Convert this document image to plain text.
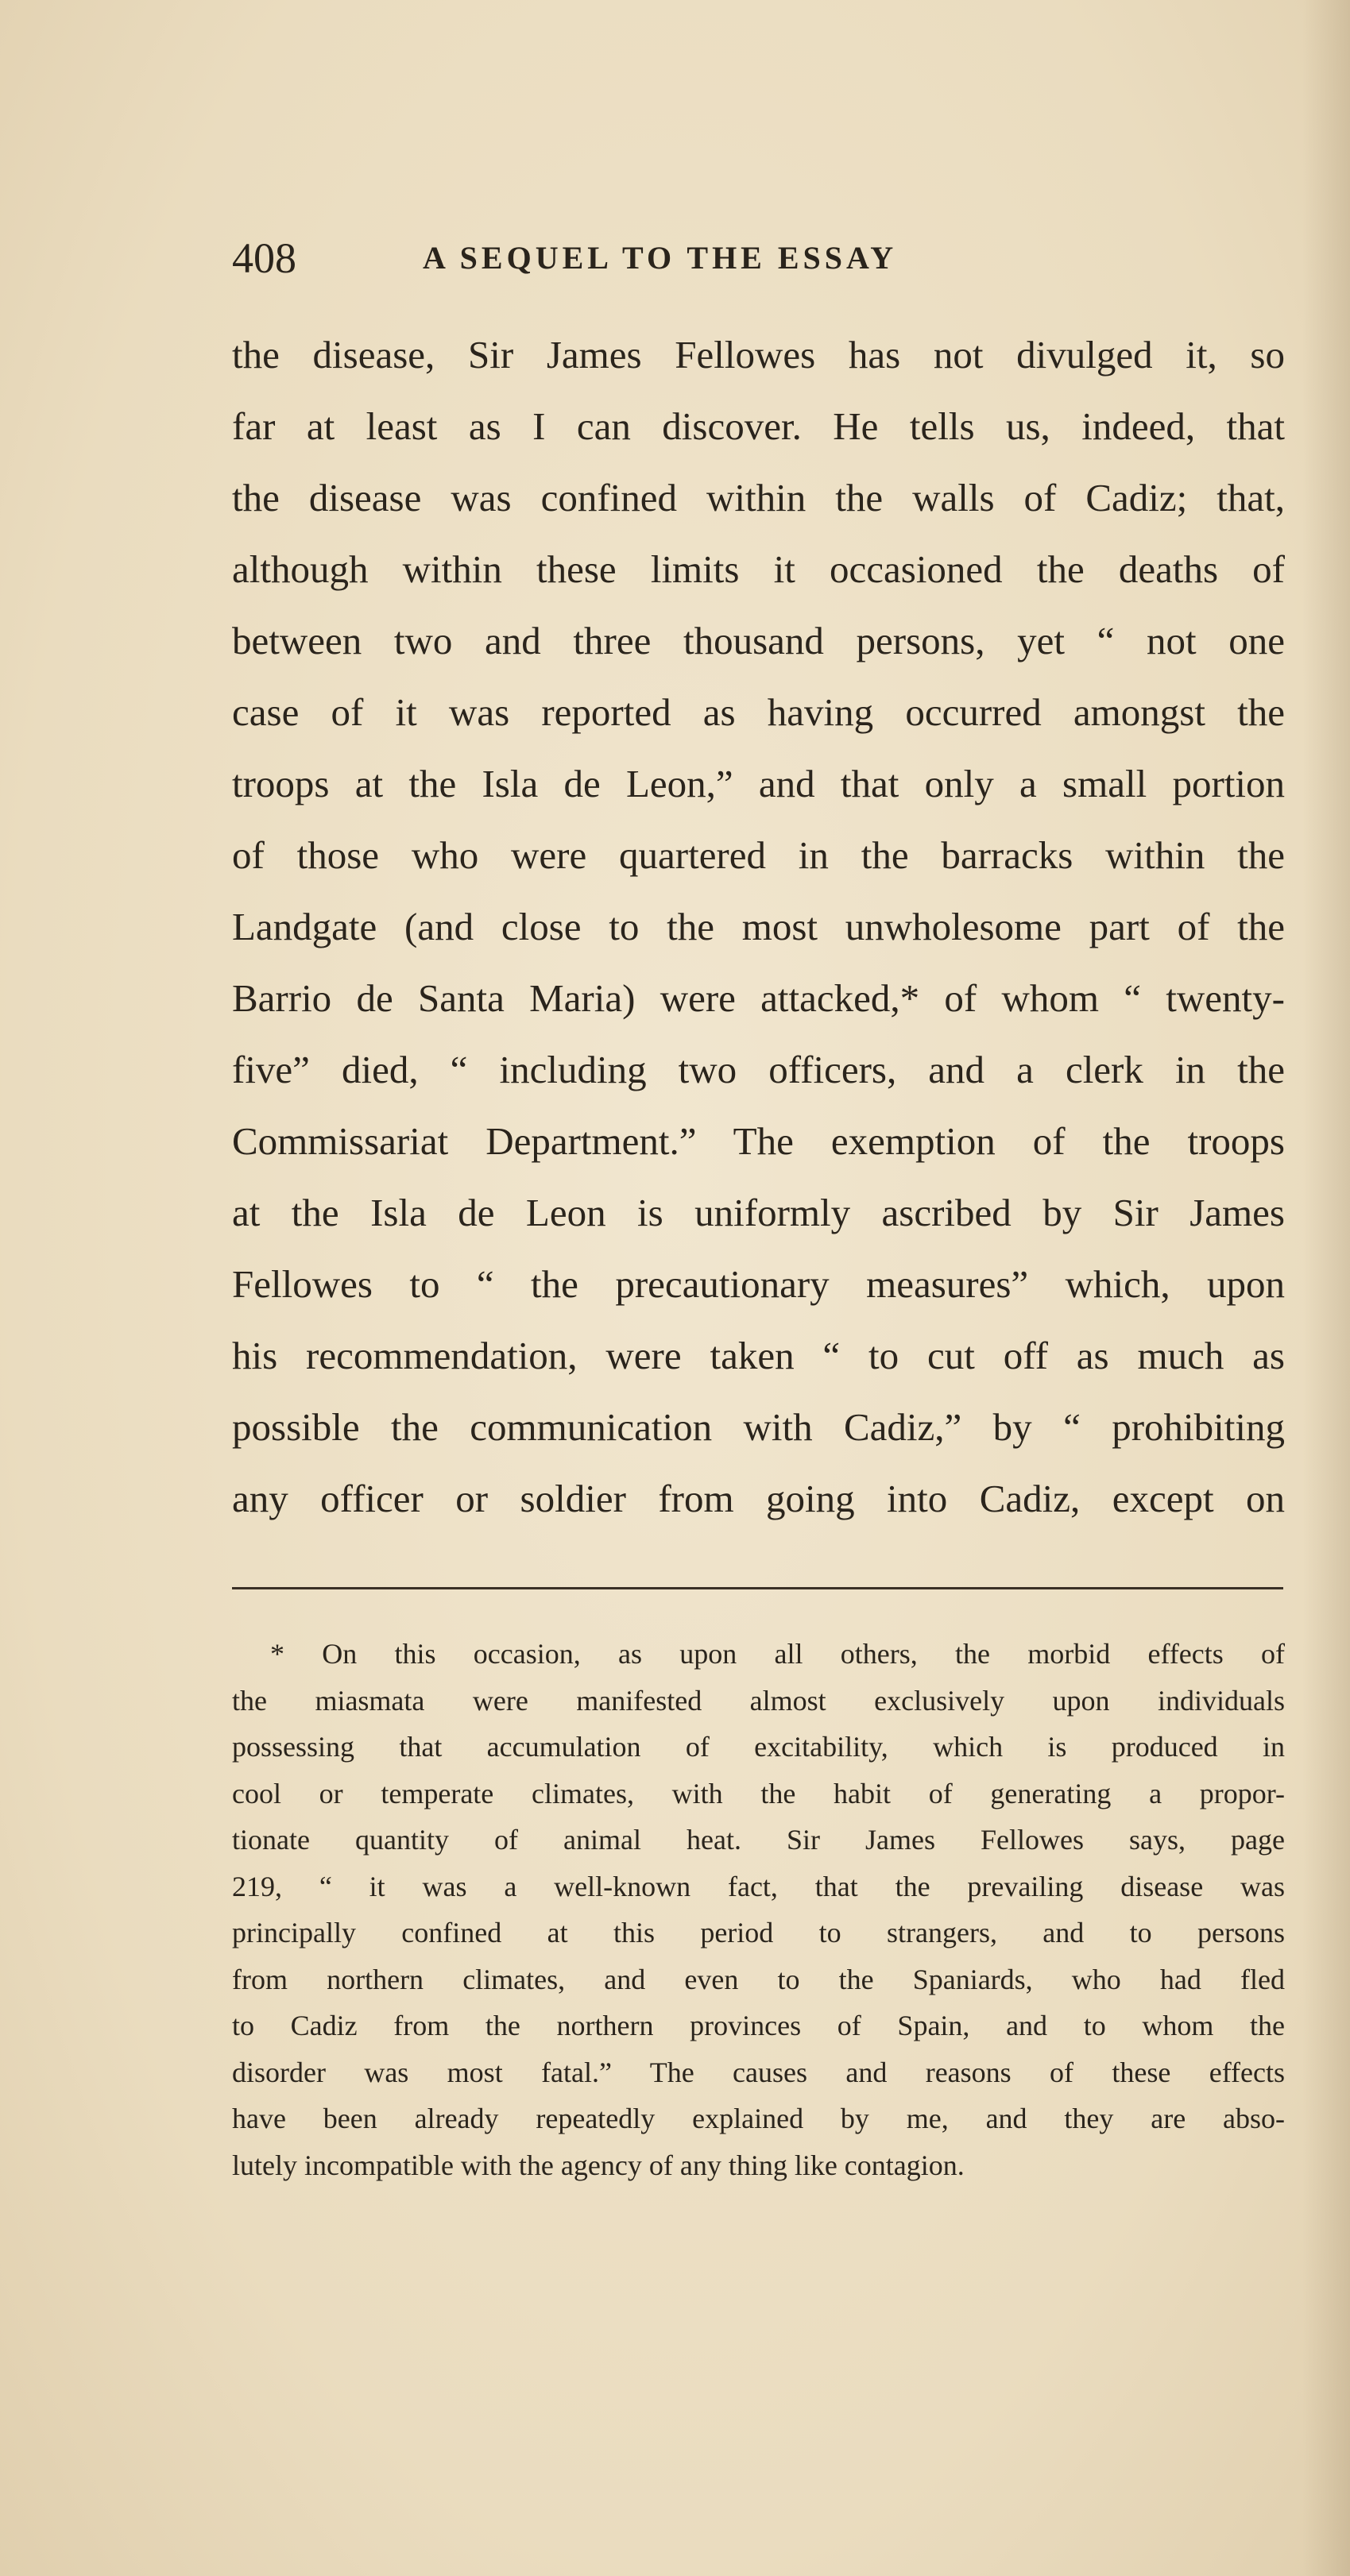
408	A SEQUEL TO THE ESSAY
the disease, Sir James Fellowes has not divulged it, so
far at least as I can discover. He tells us, indeed, that
the disease was confined within the walls of Cadiz; that,
although within these limits it occasioned the deaths of
between two and three thousand persons, yet “ not one
case of it was reported as having occurred amongst the
troops at the Isla de Leon,” and that only a small portion
of those who were quartered in the barracks within the
Landgate (and close to the most unwholesome part of the
Barrio de Santa Maria) were attacked,* of whom “ twenty-
five” died, “ including two officers, and a clerk in the
Commissariat Department.” The exemption of the troops
at the Isla de Leon is uniformly ascribed by Sir James
Fellowes to “ the precautionary measures” which, upon
his recommendation, were taken “ to cut off as much as
possible the communication with Cadiz,” by “ prohibiting
any officer or soldier from going into Cadiz, except on
* On this occasion, as upon all others, the morbid effects of
the miasmata were manifested almost exclusively upon individuals
possessing that accumulation of excitability, which is produced in
cool or temperate climates, with the habit of generating a propor-
tionate quantity of animal heat. Sir James Fellowes says, page
219, “ it was a well-known fact, that the prevailing disease was
principally confined at this period to strangers, and to persons
from northern climates, and even to the Spaniards, who had fled
to Cadiz from the northern provinces of Spain, and to whom the
disorder was most fatal.” The causes and reasons of these effects
have been already repeatedly explained by me, and they are abso-
lutely incompatible with the agency of any thing like contagion.
